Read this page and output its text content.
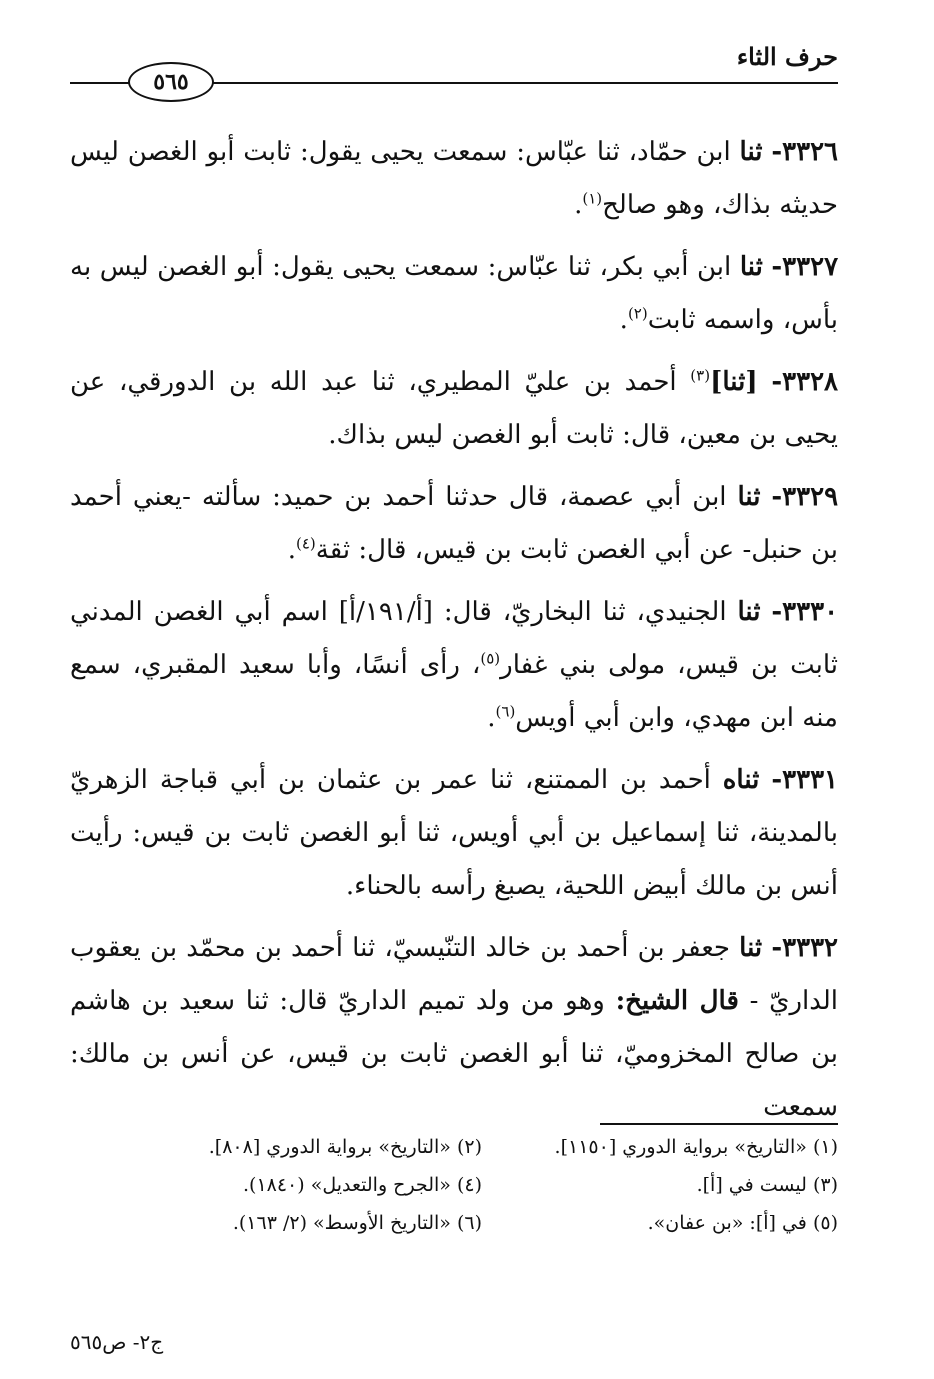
حرف الثاء
٥٦٥

٣٣٢٦- ثنا ابن حمّاد، ثنا عبّاس: سمعت يحيى يقول: ثابت أبو الغصن ليس حديثه بذاك، وهو صالح$^{(١)}$.

٣٣٢٧- ثنا ابن أبي بكر، ثنا عبّاس: سمعت يحيى يقول: أبو الغصن ليس به بأس، واسمه ثابت$^{(٢)}$.

٣٣٢٨- [ثنا]$^{(٣)}$ أحمد بن عليّ المطيري، ثنا عبد الله بن الدورقي، عن يحيى بن معين، قال: ثابت أبو الغصن ليس بذاك.

٣٣٢٩- ثنا ابن أبي عصمة، قال حدثنا أحمد بن حميد: سألته -يعني أحمد بن حنبل- عن أبي الغصن ثابت بن قيس، قال: ثقة$^{(٤)}$.

٣٣٣٠- ثنا الجنيدي، ثنا البخاريّ، قال: [أ/١٩١/أ] اسم أبي الغصن المدني ثابت بن قيس، مولى بني غفار$^{(٥)}$، رأى أنسًا، وأبا سعيد المقبري، سمع منه ابن مهدي، وابن أبي أويس$^{(٦)}$.

٣٣٣١- ثناه أحمد بن الممتنع، ثنا عمر بن عثمان بن أبي قباجة الزهريّ بالمدينة، ثنا إسماعيل بن أبي أويس، ثنا أبو الغصن ثابت بن قيس: رأيت أنس بن مالك أبيض اللحية، يصبغ رأسه بالحناء.

٣٣٣٢- ثنا جعفر بن أحمد بن خالد التنّيسيّ، ثنا أحمد بن محمّد بن يعقوب الداريّ - قال الشيخ: وهو من ولد تميم الداريّ قال: ثنا سعيد بن هاشم بن صالح المخزوميّ، ثنا أبو الغصن ثابت بن قيس، عن أنس بن مالك: سمعت

(١) «التاريخ» برواية الدوري [١١٥٠].
(٢) «التاريخ» برواية الدوري [٨٠٨].
(٣) ليست في [أ].
(٤) «الجرح والتعديل» (١٨٤٠).
(٥) في [أ]: «بن عفان».
(٦) «التاريخ الأوسط» (٢/ ١٦٣).
ج٢- ص٥٦٥
